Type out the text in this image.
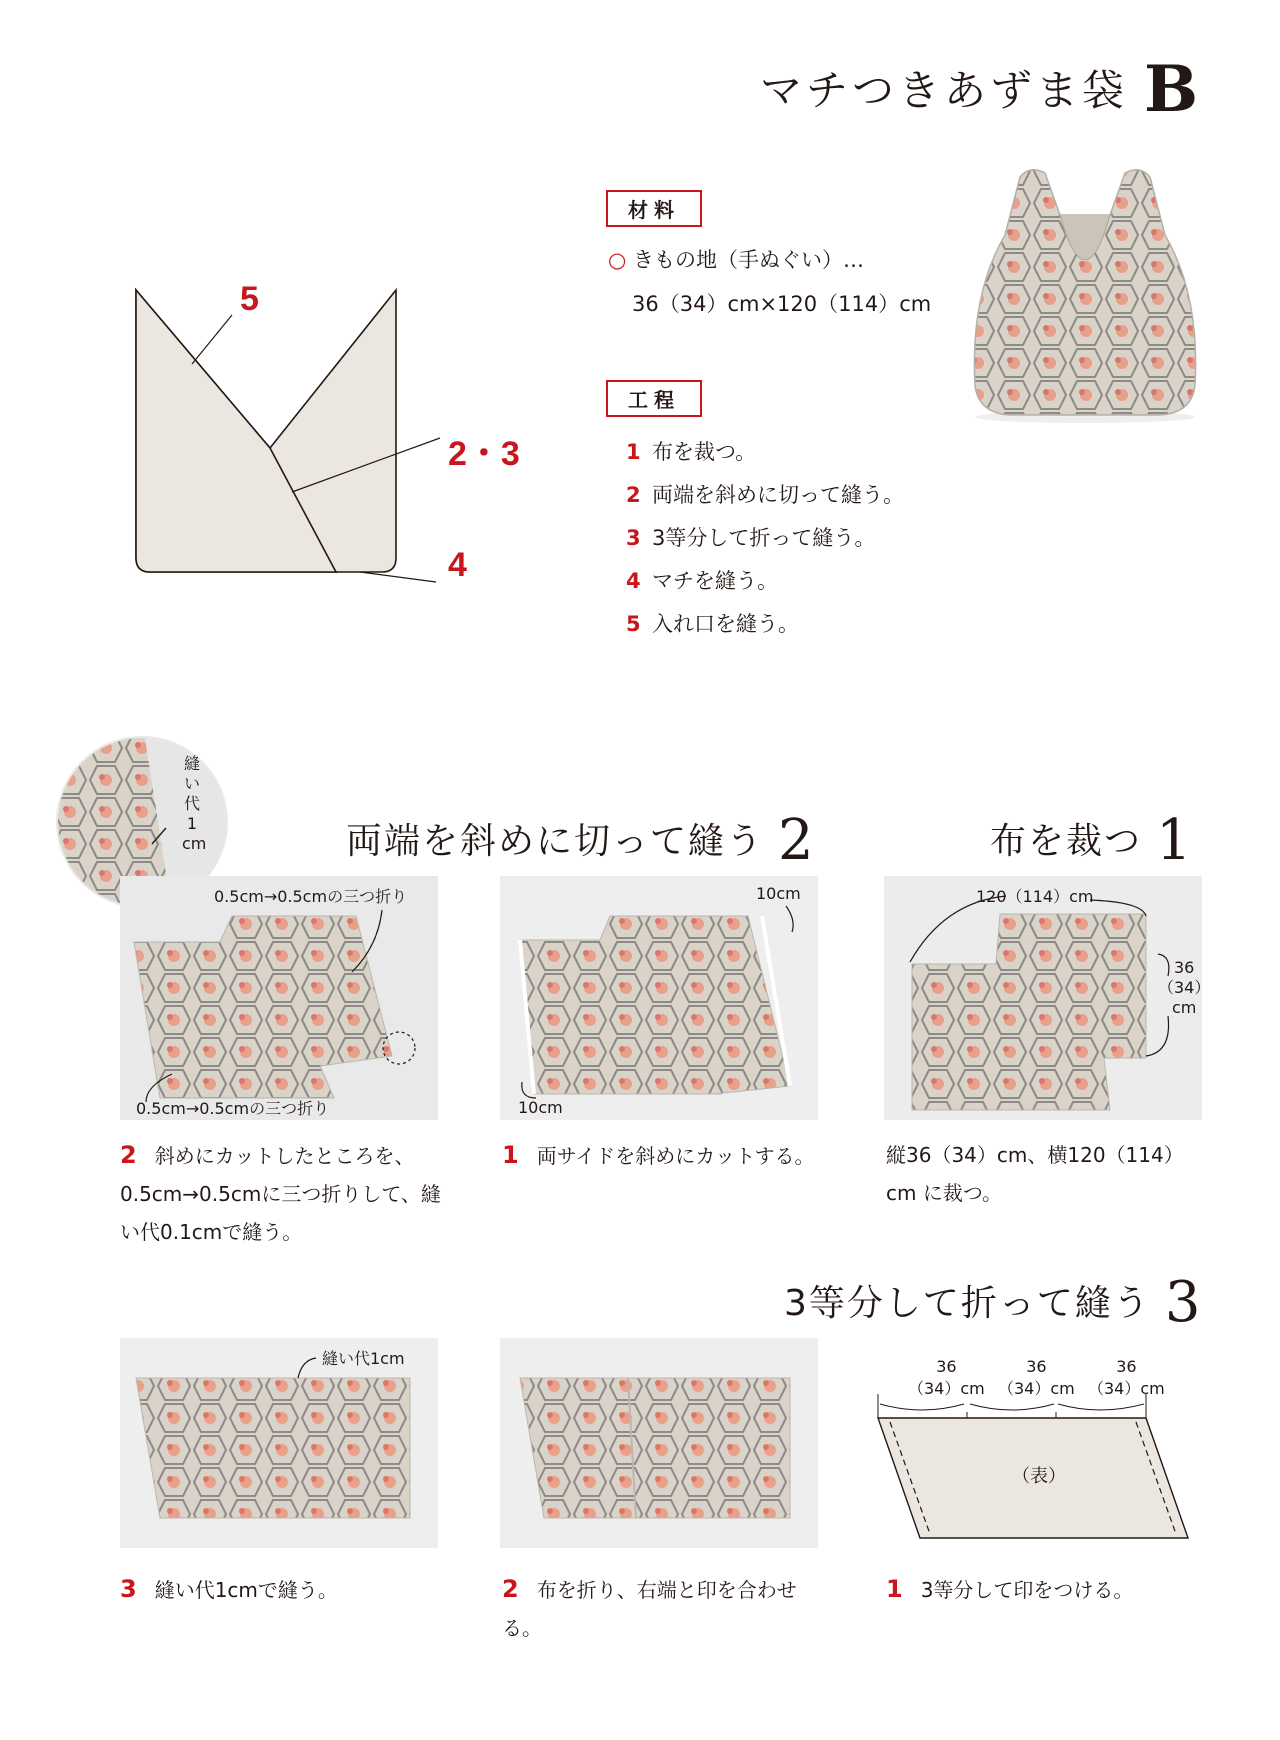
マチつきあずま袋 B
5
2・3
4
材料
○ きもの地（手ぬぐい）…
36（34）cm×120（114）cm
工程
1 布を裁つ。
2 両端を斜めに切って縫う。
3 3等分して折って縫う。
4 マチを縫う。
5 入れ口を縫う。
縫
い
代
1
cm	両端を斜めに切って縫う 2	布を裁つ 1
0.5cm→0.5cmの三つ折り
0.5cm→0.5cmの三つ折り
10cm
10cm
120（114）cm
36
（34）
cm
2 斜めにカットしたところを、0.5cm→0.5cmに三つ折りして、縫い代0.1cmで縫う。
1 両サイドを斜めにカットする。	縦36（34）cm、横120（114）cm に裁つ。
3等分して折って縫う 3
縫い代1cm	36
（34）cm
36
（34）cm
36
（34）cm
（表）
3 縫い代1cmで縫う。	2 布を折り、右端と印を合わせる。
1 3等分して印をつける。
